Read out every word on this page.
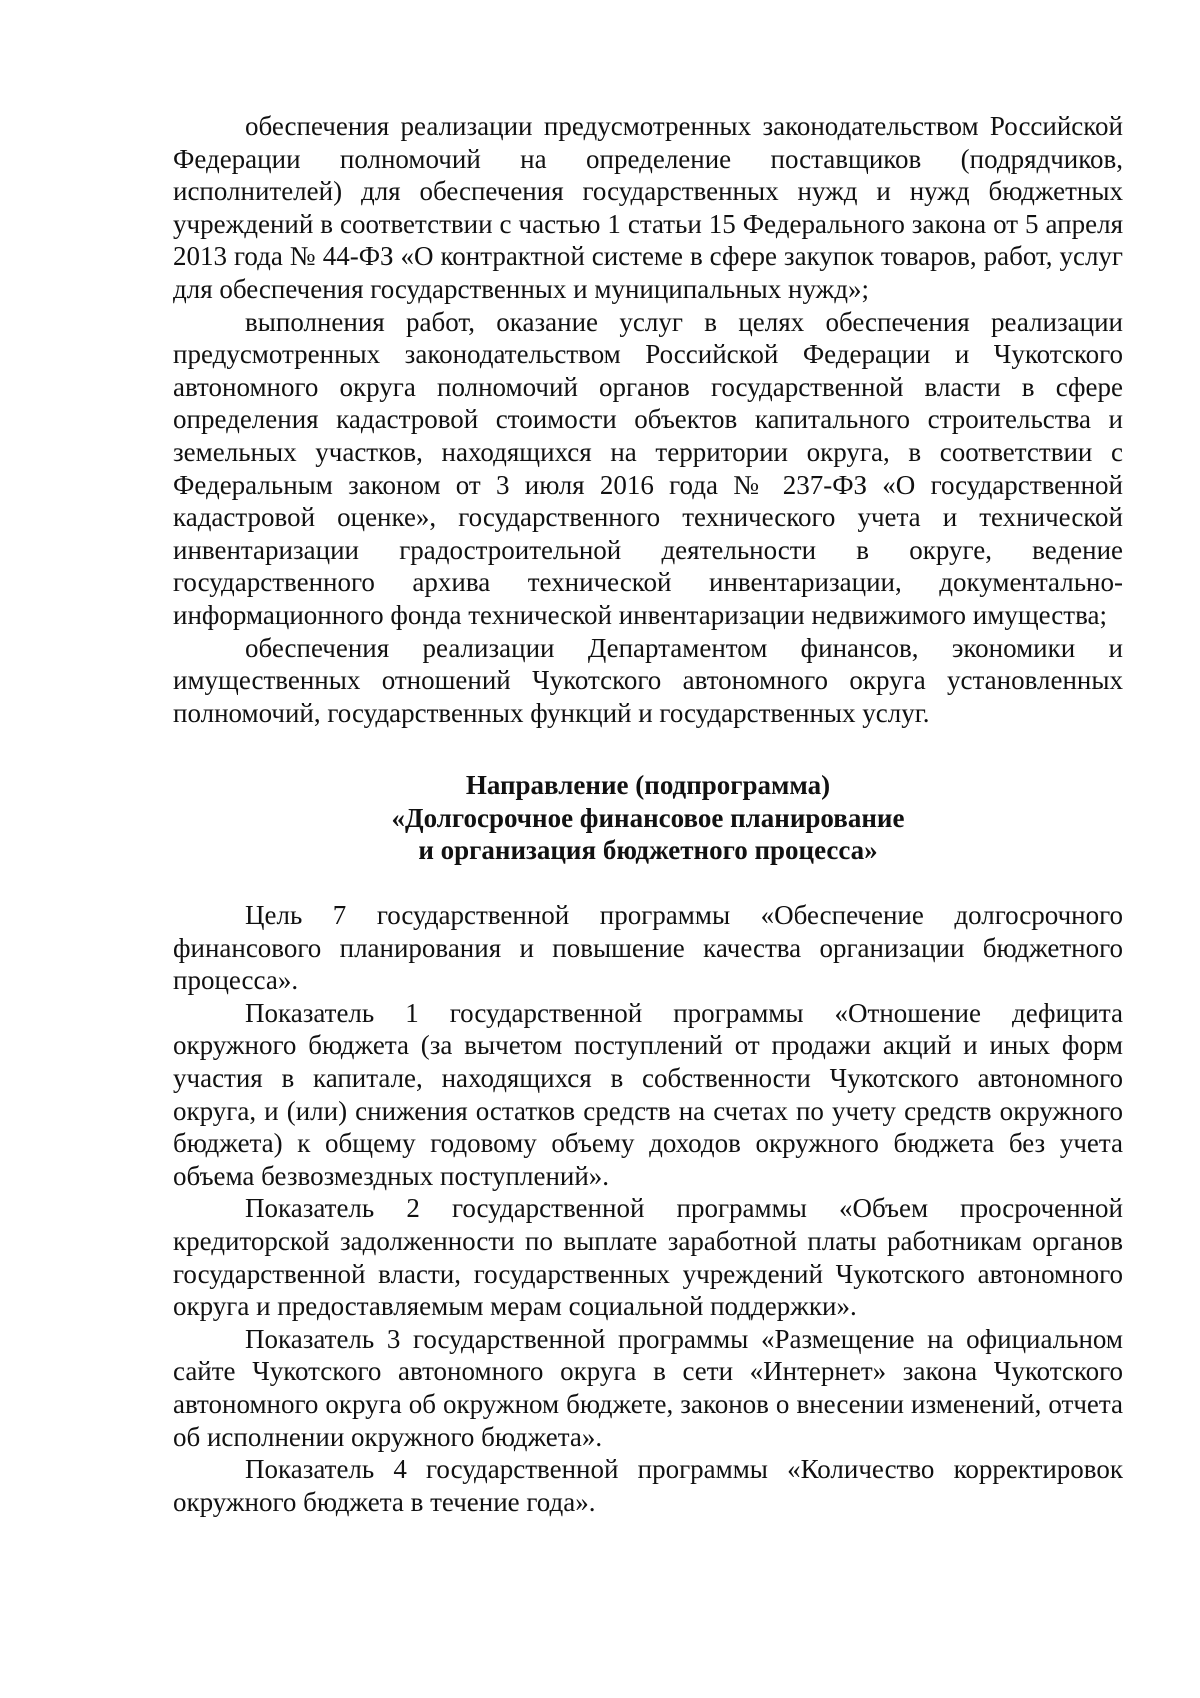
обеспечения реализации предусмотренных законодательством Российской Федерации полномочий на определение поставщиков (подрядчиков, исполнителей) для обеспечения государственных нужд и нужд бюджетных учреждений в соответствии с частью 1 статьи 15 Федерального закона от 5 апреля 2013 года № 44-ФЗ «О контрактной системе в сфере закупок товаров, работ, услуг для обеспечения государственных и муниципальных нужд»;

выполнения работ, оказание услуг в целях обеспечения реализации предусмотренных законодательством Российской Федерации и Чукотского автономного округа полномочий органов государственной власти в сфере определения кадастровой стоимости объектов капитального строительства и земельных участков, находящихся на территории округа, в соответствии с Федеральным законом от 3 июля 2016 года № 237-ФЗ «О государственной кадастровой оценке», государственного технического учета и технической инвентаризации градостроительной деятельности в округе, ведение государственного архива технической инвентаризации, документально-информационного фонда технической инвентаризации недвижимого имущества;

обеспечения реализации Департаментом финансов, экономики и имущественных отношений Чукотского автономного округа установленных полномочий, государственных функций и государственных услуг.

Направление (подпрограмма)
«Долгосрочное финансовое планирование
и организация бюджетного процесса»

Цель 7 государственной программы «Обеспечение долгосрочного финансового планирования и повышение качества организации бюджетного процесса».

Показатель 1 государственной программы «Отношение дефицита окружного бюджета (за вычетом поступлений от продажи акций и иных форм участия в капитале, находящихся в собственности Чукотского автономного округа, и (или) снижения остатков средств на счетах по учету средств окружного бюджета) к общему годовому объему доходов окружного бюджета без учета объема безвозмездных поступлений».

Показатель 2 государственной программы «Объем просроченной кредиторской задолженности по выплате заработной платы работникам органов государственной власти, государственных учреждений Чукотского автономного округа и предоставляемым мерам социальной поддержки».

Показатель 3 государственной программы «Размещение на официальном сайте Чукотского автономного округа в сети «Интернет» закона Чукотского автономного округа об окружном бюджете, законов о внесении изменений, отчета об исполнении окружного бюджета».

Показатель 4 государственной программы «Количество корректировок окружного бюджета в течение года».
